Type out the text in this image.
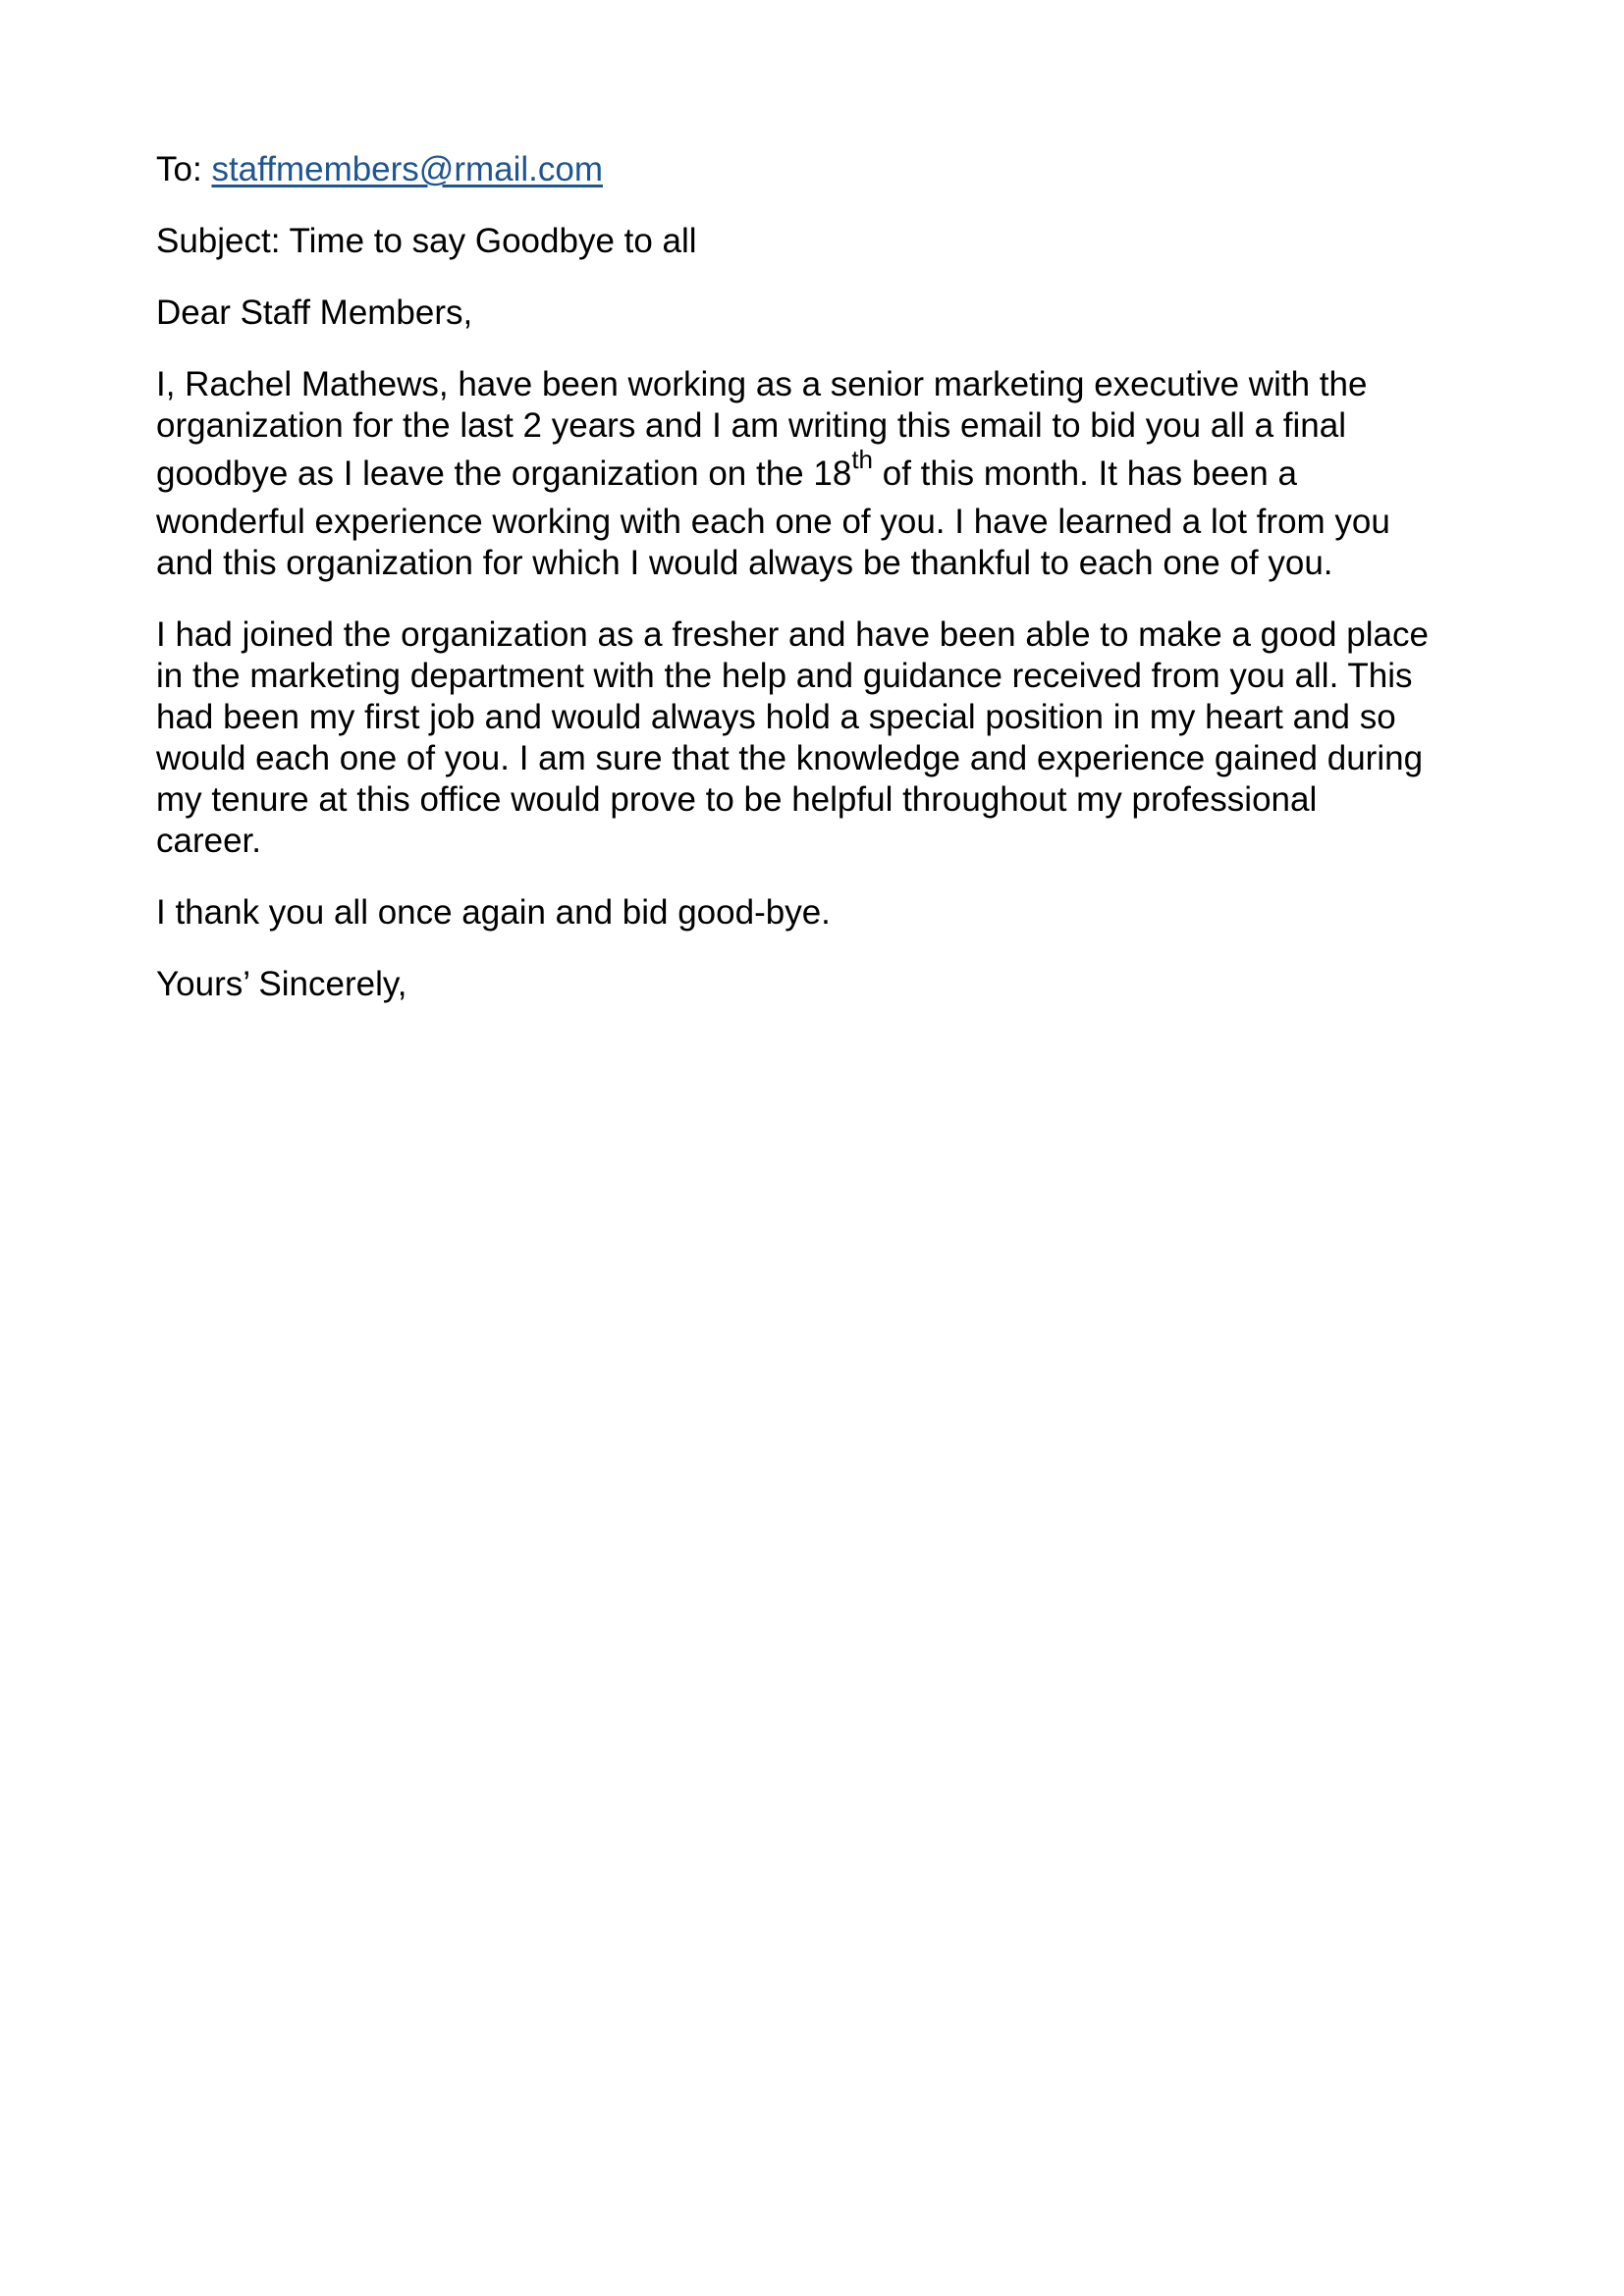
To: staffmembers@rmail.com
Subject: Time to say Goodbye to all
Dear Staff Members,
I, Rachel Mathews, have been working as a senior marketing executive with the
organization for the last 2 years and I am writing this email to bid you all a final
goodbye as I leave the organization on the 18th of this month. It has been a
wonderful experience working with each one of you. I have learned a lot from you
and this organization for which I would always be thankful to each one of you.
I had joined the organization as a fresher and have been able to make a good place
in the marketing department with the help and guidance received from you all. This
had been my first job and would always hold a special position in my heart and so
would each one of you. I am sure that the knowledge and experience gained during
my tenure at this office would prove to be helpful throughout my professional
career.
I thank you all once again and bid good-bye.
Yours’ Sincerely,
